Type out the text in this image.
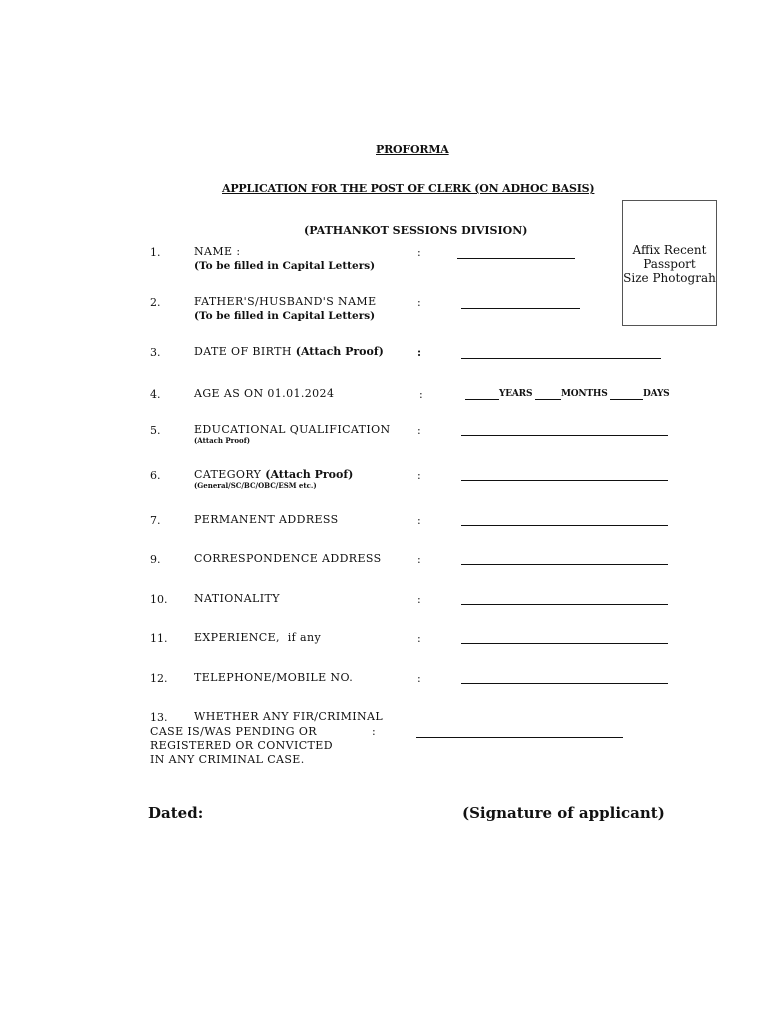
PROFORMA
APPLICATION FOR THE POST OF CLERK (ON ADHOC BASIS)
(PATHANKOT SESSIONS DIVISION)
Affix Recent
Passport
Size Photograh
1.	NAME :
(To be filled in Capital Letters)
:
2.	FATHER'S/HUSBAND'S NAME
(To be filled in Capital Letters)
:
3.	DATE OF BIRTH (Attach Proof)	:
4.	AGE AS ON 01.01.2024	:	YEARS	MONTHS	DAYS
5.	EDUCATIONAL QUALIFICATION
(Attach Proof)
:
6.	CATEGORY (Attach Proof)
(General/SC/BC/OBC/ESM etc.)
:
7.	PERMANENT ADDRESS	:
9.	CORRESPONDENCE ADDRESS	:
10. NATIONALITY	:
11. EXPERIENCE,  if any	:
12. TELEPHONE/MOBILE NO.	:
13. WHETHER ANY FIR/CRIMINAL
CASE IS/WAS PENDING OR	:
REGISTERED OR CONVICTED
IN ANY CRIMINAL CASE.
Dated:	(Signature of applicant)
